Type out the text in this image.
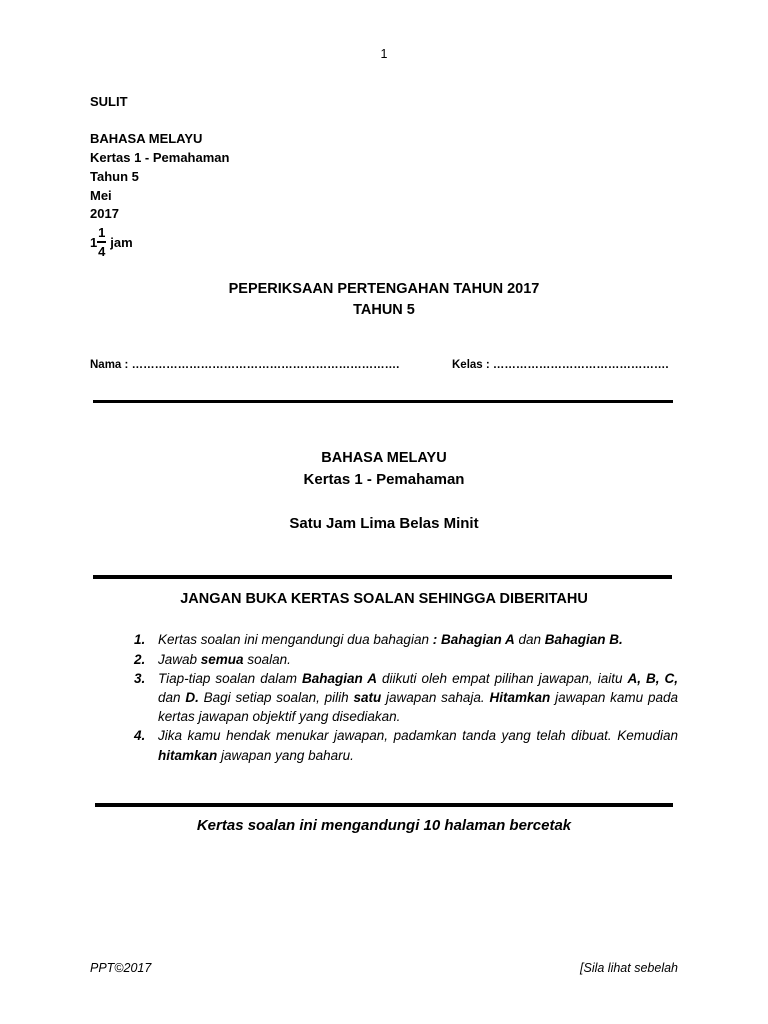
1
SULIT
BAHASA MELAYU
Kertas 1 - Pemahaman
Tahun 5
Mei
2017
$1 \frac{1}{4}$ jam
PEPERIKSAAN PERTENGAHAN TAHUN 2017
TAHUN 5
Nama : …………………………………………………………….	Kelas : ……………………………………….
BAHASA MELAYU
Kertas 1 - Pemahaman
Satu Jam Lima Belas Minit
JANGAN BUKA KERTAS SOALAN SEHINGGA DIBERITAHU
1. Kertas soalan ini mengandungi dua bahagian : Bahagian A dan Bahagian B.
2. Jawab semua soalan.
3. Tiap-tiap soalan dalam Bahagian A diikuti oleh empat pilihan jawapan, iaitu A, B, C,
dan D. Bagi setiap soalan, pilih satu jawapan sahaja. Hitamkan jawapan kamu pada
kertas jawapan objektif yang disediakan.
4. Jika kamu hendak menukar jawapan, padamkan tanda yang telah dibuat. Kemudian
hitamkan jawapan yang baharu.
Kertas soalan ini mengandungi 10 halaman bercetak
PPT©2017	[Sila lihat sebelah
